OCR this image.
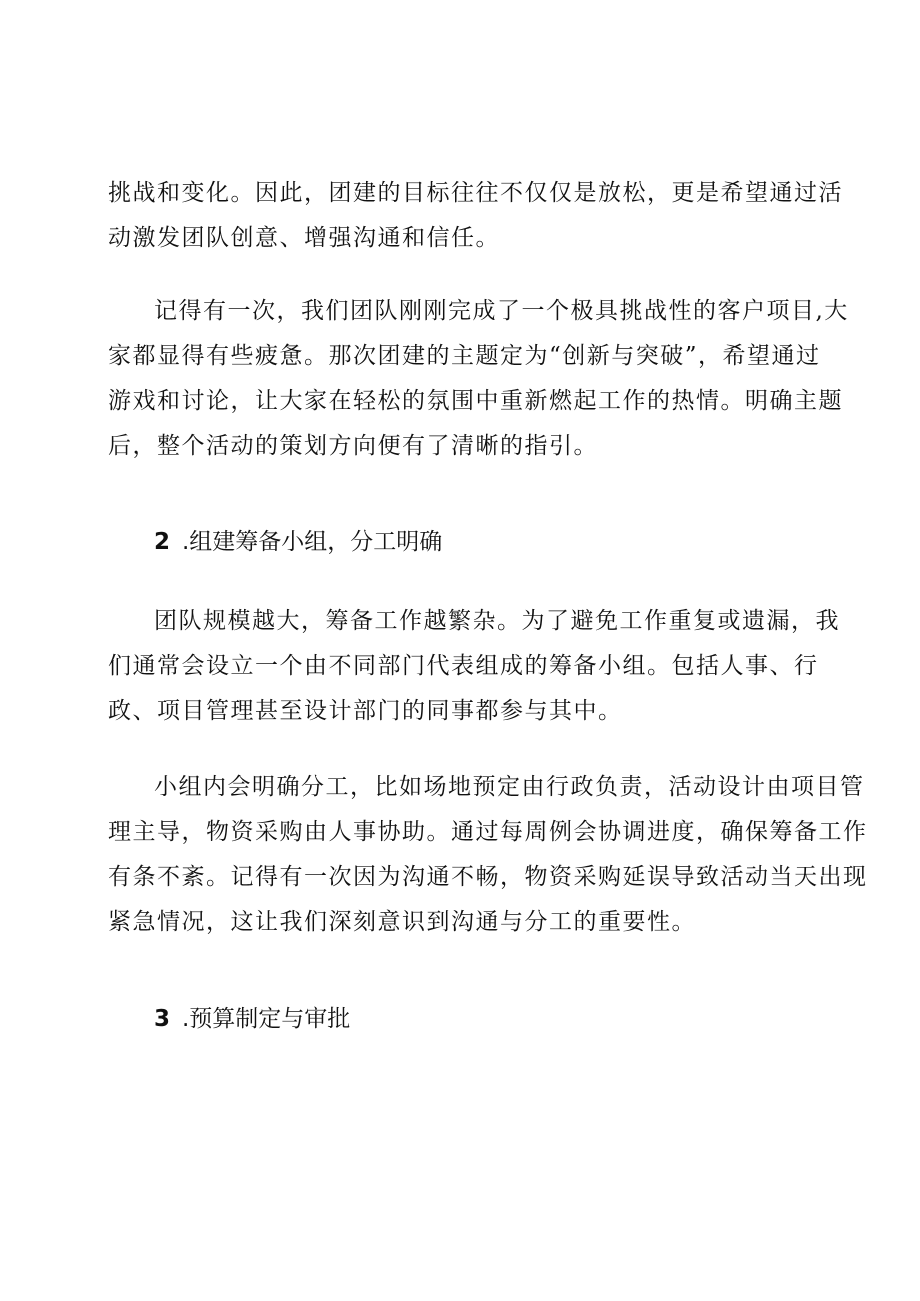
挑战和变化。因此，团建的目标往往不仅仅是放松，更是希望通过活

动激发团队创意、增强沟通和信任。

记得有一次，我们团队刚刚完成了一个极具挑战性的客户项目,大

家都显得有些疲惫。那次团建的主题定为“创新与突破”，希望通过

游戏和讨论，让大家在轻松的氛围中重新燃起工作的热情。明确主题

后，整个活动的策划方向便有了清晰的指引。

2 .组建筹备小组，分工明确

团队规模越大，筹备工作越繁杂。为了避免工作重复或遗漏，我

们通常会设立一个由不同部门代表组成的筹备小组。包括人事、行

政、项目管理甚至设计部门的同事都参与其中。

小组内会明确分工，比如场地预定由行政负责，活动设计由项目管

理主导，物资采购由人事协助。通过每周例会协调进度，确保筹备工作

有条不紊。记得有一次因为沟通不畅，物资采购延误导致活动当天出现

紧急情况，这让我们深刻意识到沟通与分工的重要性。

3 .预算制定与审批
